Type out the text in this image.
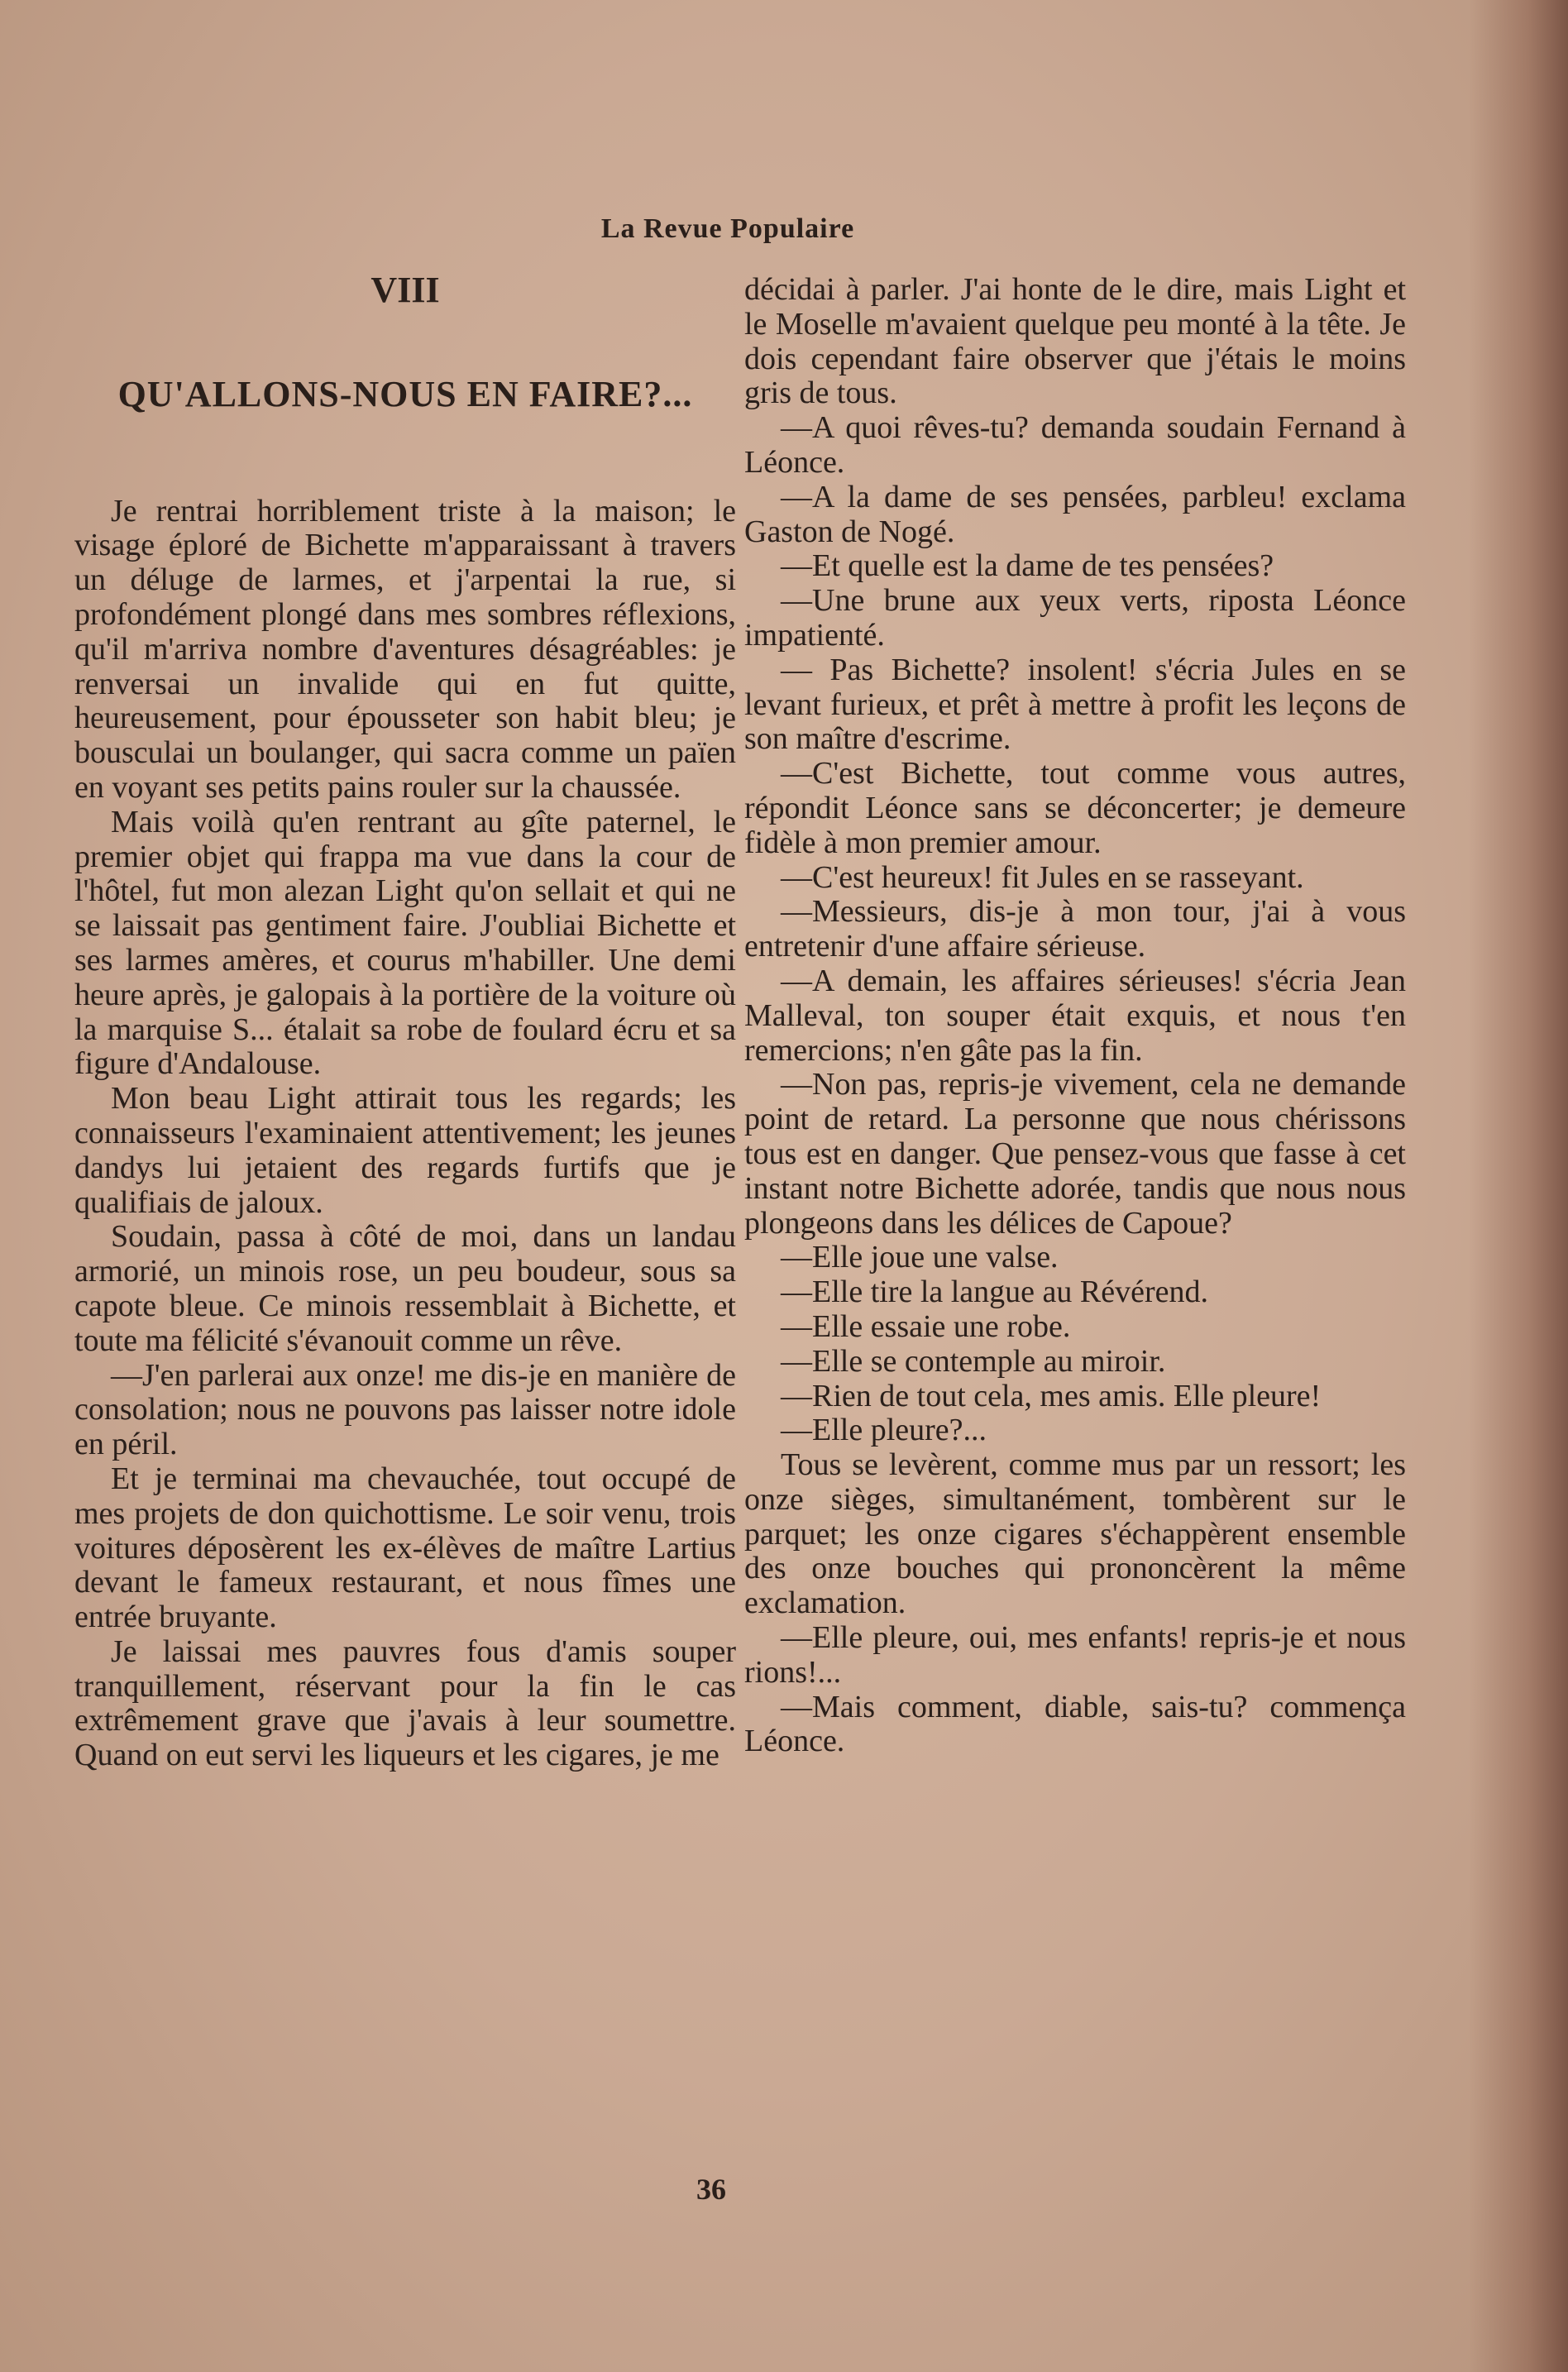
La Revue Populaire
VIII
QU'ALLONS-NOUS EN FAIRE?...

Je rentrai horriblement triste à la maison; le visage éploré de Bichette m'apparaissant à travers un déluge de larmes, et j'arpentai la rue, si profondément plongé dans mes sombres réflexions, qu'il m'arriva nombre d'aventures désagréables: je renversai un invalide qui en fut quitte, heureusement, pour épousseter son habit bleu; je bousculai un boulanger, qui sacra comme un païen en voyant ses petits pains rouler sur la chaussée.

Mais voilà qu'en rentrant au gîte paternel, le premier objet qui frappa ma vue dans la cour de l'hôtel, fut mon alezan Light qu'on sellait et qui ne se laissait pas gentiment faire. J'oubliai Bichette et ses larmes amères, et courus m'habiller. Une demi heure après, je galopais à la portière de la voiture où la marquise S... étalait sa robe de foulard écru et sa figure d'Andalouse.

Mon beau Light attirait tous les regards; les connaisseurs l'examinaient attentivement; les jeunes dandys lui jetaient des regards furtifs que je qualifiais de jaloux.

Soudain, passa à côté de moi, dans un landau armorié, un minois rose, un peu boudeur, sous sa capote bleue. Ce minois ressemblait à Bichette, et toute ma félicité s'évanouit comme un rêve.

—J'en parlerai aux onze! me dis-je en manière de consolation; nous ne pouvons pas laisser notre idole en péril.

Et je terminai ma chevauchée, tout occupé de mes projets de don quichottisme. Le soir venu, trois voitures déposèrent les ex-élèves de maître Lartius devant le fameux restaurant, et nous fîmes une entrée bruyante.

Je laissai mes pauvres fous d'amis souper tranquillement, réservant pour la fin le cas extrêmement grave que j'avais à leur soumettre. Quand on eut servi les liqueurs et les cigares, je me

décidai à parler. J'ai honte de le dire, mais Light et le Moselle m'avaient quelque peu monté à la tête. Je dois cependant faire observer que j'étais le moins gris de tous.

—A quoi rêves-tu? demanda soudain Fernand à Léonce.

—A la dame de ses pensées, parbleu! exclama Gaston de Nogé.

—Et quelle est la dame de tes pensées?

—Une brune aux yeux verts, riposta Léonce impatienté.

— Pas Bichette? insolent! s'écria Jules en se levant furieux, et prêt à mettre à profit les leçons de son maître d'escrime.

—C'est Bichette, tout comme vous autres, répondit Léonce sans se déconcerter; je demeure fidèle à mon premier amour.

—C'est heureux! fit Jules en se rasseyant.

—Messieurs, dis-je à mon tour, j'ai à vous entretenir d'une affaire sérieuse.

—A demain, les affaires sérieuses! s'écria Jean Malleval, ton souper était exquis, et nous t'en remercions; n'en gâte pas la fin.

—Non pas, repris-je vivement, cela ne demande point de retard. La personne que nous chérissons tous est en danger. Que pensez-vous que fasse à cet instant notre Bichette adorée, tandis que nous nous plongeons dans les délices de Capoue?

—Elle joue une valse.

—Elle tire la langue au Révérend.

—Elle essaie une robe.

—Elle se contemple au miroir.

—Rien de tout cela, mes amis. Elle pleure!

—Elle pleure?...

Tous se levèrent, comme mus par un ressort; les onze sièges, simultanément, tombèrent sur le parquet; les onze cigares s'échappèrent ensemble des onze bouches qui prononcèrent la même exclamation.

—Elle pleure, oui, mes enfants! repris-je et nous rions!...

—Mais comment, diable, sais-tu? commença Léonce.

36
